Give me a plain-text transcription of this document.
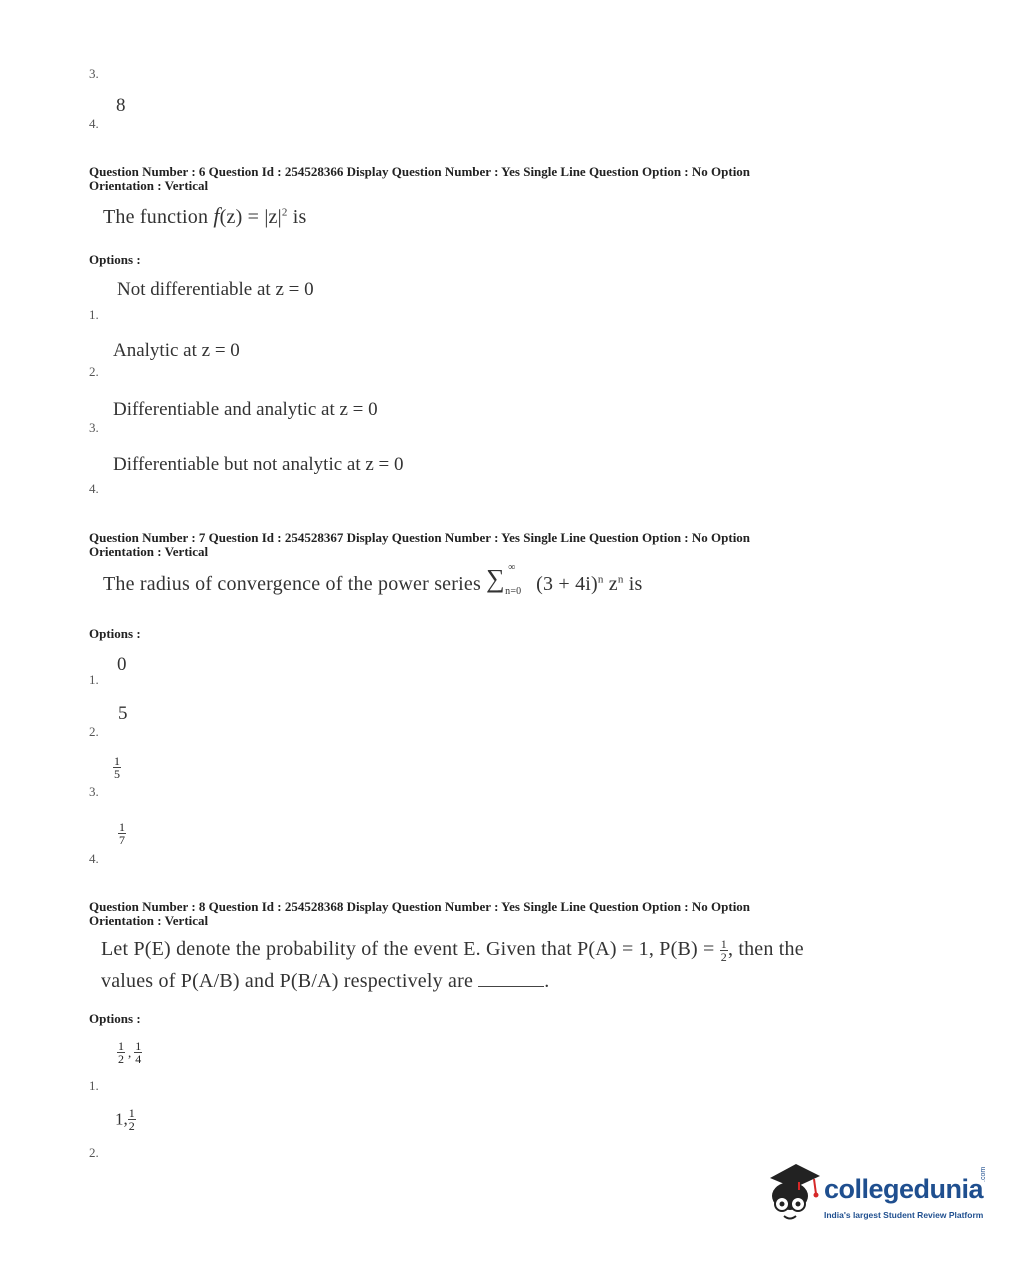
3.
8
4.
Question Number : 6 Question Id : 254528366 Display Question Number : Yes Single Line Question Option : No Option
Orientation : Vertical
The function $f(z) = |z|^2$ is
Options :
Not differentiable at z = 0
1.
Analytic at z = 0
2.
Differentiable and analytic at z = 0
3.
Differentiable but not analytic at z = 0
4.
Question Number : 7 Question Id : 254528367 Display Question Number : Yes Single Line Question Option : No Option
Orientation : Vertical
The radius of convergence of the power series ∑ ∞
n=0 $(3 + 4i)^n$ $z^n$ is
Options :
0
1.
5
2.
$\frac{1}{5}$
3.
$\frac{1}{7}$
4.
Question Number : 8 Question Id : 254528368 Display Question Number : Yes Single Line Question Option : No Option
Orientation : Vertical
Let P(E) denote the probability of the event E. Given that P(A) = 1, $P(B) = \frac{1}{2}$ , then the
values of P(A/B) and P(B/A) respectively are	.
Options :
$\frac{1}{2}$ , $\frac{1}{4}$
1.
1, $\frac{1}{2}$
2.
collegedunia
.com
India's largest Student Review Platform
